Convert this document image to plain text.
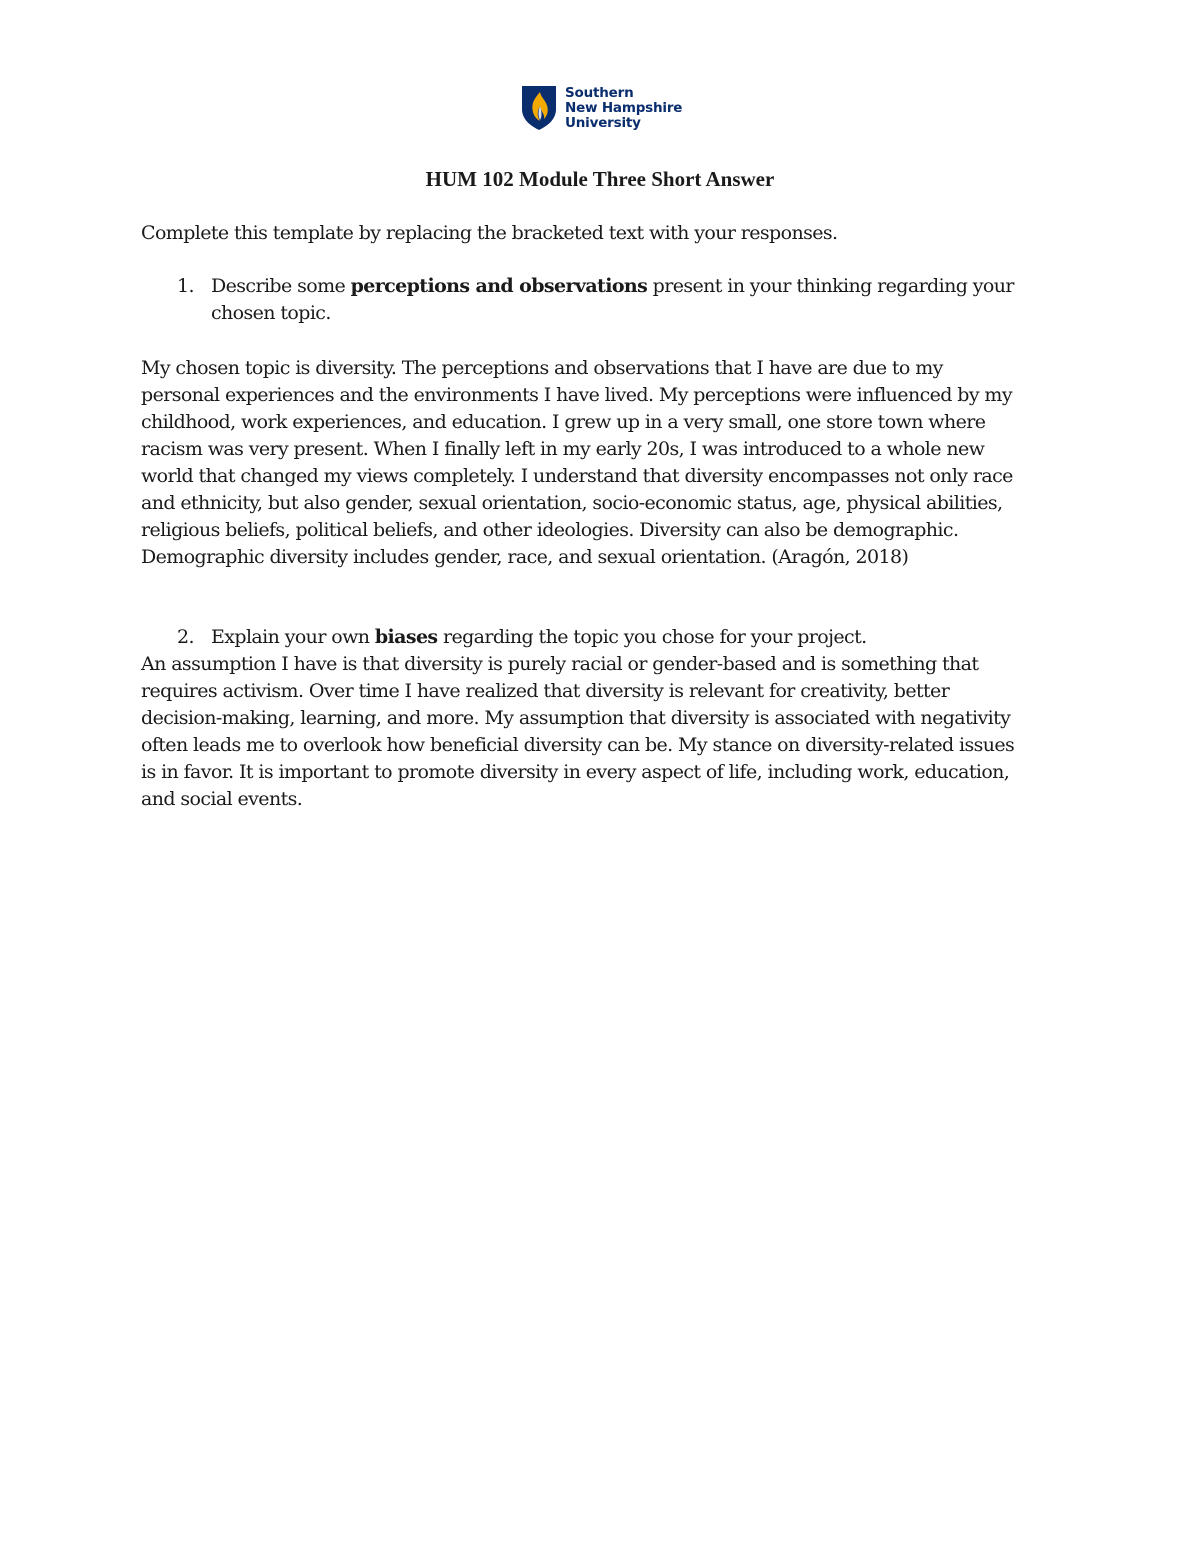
Southern
New Hampshire
University
HUM 102 Module Three Short Answer
Complete this template by replacing the bracketed text with your responses.
1. Describe some perceptions and observations present in your thinking regarding your
chosen topic.
My chosen topic is diversity. The perceptions and observations that I have are due to my
personal experiences and the environments I have lived. My perceptions were influenced by my
childhood, work experiences, and education. I grew up in a very small, one store town where
racism was very present. When I finally left in my early 20s, I was introduced to a whole new
world that changed my views completely. I understand that diversity encompasses not only race
and ethnicity, but also gender, sexual orientation, socio-economic status, age, physical abilities,
religious beliefs, political beliefs, and other ideologies. Diversity can also be demographic.
Demographic diversity includes gender, race, and sexual orientation. (Aragón, 2018)
2. Explain your own biases regarding the topic you chose for your project.
An assumption I have is that diversity is purely racial or gender-based and is something that
requires activism. Over time I have realized that diversity is relevant for creativity, better
decision-making, learning, and more. My assumption that diversity is associated with negativity
often leads me to overlook how beneficial diversity can be. My stance on diversity-related issues
is in favor. It is important to promote diversity in every aspect of life, including work, education,
and social events.
